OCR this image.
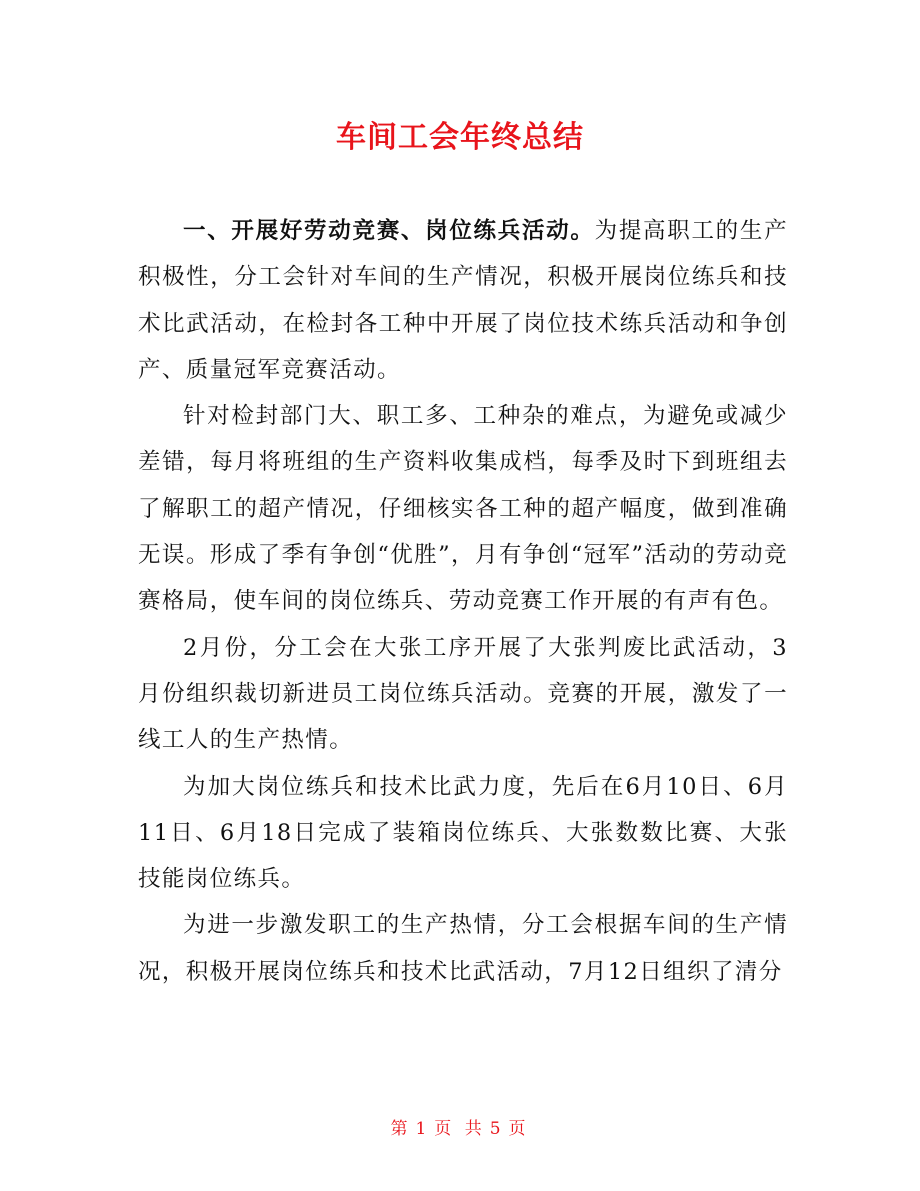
车间工会年终总结

一、开展好劳动竞赛、岗位练兵活动。为提高职工的生产积极性，分工会针对车间的生产情况，积极开展岗位练兵和技术比武活动，在检封各工种中开展了岗位技术练兵活动和争创产、质量冠军竞赛活动。

针对检封部门大、职工多、工种杂的难点，为避免或减少差错，每月将班组的生产资料收集成档，每季及时下到班组去了解职工的超产情况，仔细核实各工种的超产幅度，做到准确无误。形成了季有争创“优胜”，月有争创“冠军”活动的劳动竞赛格局，使车间的岗位练兵、劳动竞赛工作开展的有声有色。

2月份，分工会在大张工序开展了大张判废比武活动，3月份组织裁切新进员工岗位练兵活动。竞赛的开展，激发了一线工人的生产热情。

为加大岗位练兵和技术比武力度，先后在6月10日、6月11日、6月18日完成了装箱岗位练兵、大张数数比赛、大张技能岗位练兵。

为进一步激发职工的生产热情，分工会根据车间的生产情况，积极开展岗位练兵和技术比武活动，7月12日组织了清分

第 1 页 共 5 页
